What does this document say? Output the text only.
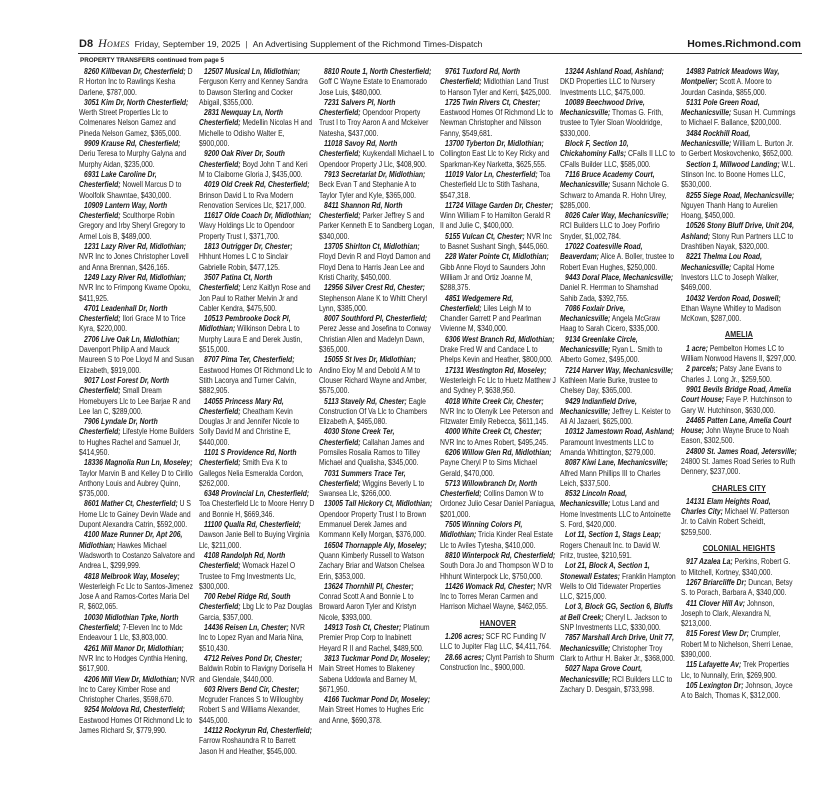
D8 Homes Friday, September 19, 2025 | An Advertising Supplement of the Richmond Times-Dispatch	Homes.Richmond.com
PROPERTY TRANSFERS continued from page 5

8260 Killbevan Dr, Chesterfield; D R Horton Inc to Rawlings Kesha Darlene, $787,000.

3051 Kim Dr, North Chesterfield; Werth Street Properties Llc to Colmenares Nelson Gamez and Pineda Nelson Gamez, $365,000.

9909 Krause Rd, Chesterfield; Deriu Teresa to Murphy Galyna and Murphy Aidan, $235,000.

6931 Lake Caroline Dr, Chesterfield; Nowell Marcus D to Woolfolk Shawntae, $430,000.

10909 Lantern Way, North Chesterfield; Sculthorpe Robin Gregory and Irby Sheryl Gregory to Armel Lois B, $489,000.

1231 Lazy River Rd, Midlothian; NVR Inc to Jones Christopher Lovell and Anna Brennan, $426,165.

1249 Lazy River Rd, Midlothian; NVR Inc to Frimpong Kwame Opoku, $411,925.

4701 Leadenhall Dr, North Chesterfield; Ilori Grace M to Trice Kyra, $220,000.

2706 Live Oak Ln, Midlothian; Davenport Philip A and Mauck Maureen S to Poe Lloyd M and Susan Elizabeth, $919,000.

9017 Lost Forest Dr, North Chesterfield; Small Dream Homebuyers Llc to Lee Barjae R and Lee Ian C, $289,000.

7906 Lyndale Dr, North Chesterfield; Lifestyle Home Builders to Hughes Rachel and Samuel Jr, $414,950.

18336 Magnolia Run Ln, Moseley; Taylor Marvin B and Kelley D to Cirillo Anthony Louis and Aubrey Quinn, $735,000.

8601 Mather Ct, Chesterfield; U S Home Llc to Gainey Devin Wade and Dupont Alexandra Catrin, $592,000.

4100 Maze Runner Dr, Apt 206, Midlothian; Hawkes Michael Wadsworth to Costanzo Salvatore and Andrea L, $299,999.

4818 Melbrook Way, Moseley; Westerleigh Fc Llc to Santos-Jimenez Jose A and Ramos-Cortes Maria Del R, $602,065.

10030 Midlothian Tpke, North Chesterfield; 7-Eleven Inc to Mdc Endeavour 1 Llc, $3,803,000.

4261 Mill Manor Dr, Midlothian; NVR Inc to Hodges Cynthia Hening, $617,900.

4206 Mill View Dr, Midlothian; NVR Inc to Carey Kimber Rose and Christopher Charles, $598,670.

9254 Moldova Rd, Chesterfield; Eastwood Homes Of Richmond Llc to James Richard Sr, $779,990.

12507 Musical Ln, Midlothian; Ferguson Kerry and Kenney Sandra to Dawson Sterling and Cocker Abigail, $355,000.

2831 Newquay Ln, North Chesterfield; Medellin Nicolas H and Michelle to Odisho Walter E, $900,000.

9200 Oak River Dr, South Chesterfield; Boyd John T and Keri M to Claiborne Gloria J, $435,000.

4019 Old Creek Rd, Chesterfield; Brinson David L to Rva Modern Renovation Services Llc, $217,000.

11617 Olde Coach Dr, Midlothian; Wavy Holdings Llc to Opendoor Property Trust I, $371,700.

1813 Outrigger Dr, Chester; Hhhunt Homes L C to Sinclair Gabrielle Robin, $477,125.

3507 Patina Ct, North Chesterfield; Lenz Kaitlyn Rose and Jon Paul to Rather Melvin Jr and Cabler Kendra, $475,500.

10513 Pembrooke Dock Pl, Midlothian; Wilkinson Debra L to Murphy Laura E and Derek Justin, $515,000.

8707 Pima Ter, Chesterfield; Eastwood Homes Of Richmond Llc to Stith Lacorya and Turner Calvin, $882,905.

14055 Princess Mary Rd, Chesterfield; Cheatham Kevin Douglas Jr and Jennifer Nicole to Solly David M and Christine E, $440,000.

1101 S Providence Rd, North Chesterfield; Smith Eva K to Gallegos Nelia Esmeralda Cordon, $262,000.

6348 Provincial Ln, Chesterfield; Toa Chesterfield Llc to Moore Henry D and Bonnie H, $669,346.

11100 Qualla Rd, Chesterfield; Dawson Janie Bell to Buying Virginia Llc, $211,000.

4108 Randolph Rd, North Chesterfield; Womack Hazel O Trustee to Fmg Investments Llc, $300,000.

700 Rebel Ridge Rd, South Chesterfield; Lbg Llc to Paz Douglas Garcia, $357,000.

14436 Reisen Ln, Chester; NVR Inc to Lopez Ryan and Maria Nina, $510,430.

4712 Reives Pond Dr, Chester; Baldwin Robin to Flavigny Dorisella H and Glendale, $440,000.

603 Rivers Bend Cir, Chester; Mcgruder Frances S to Willoughby Robert S and Williams Alexander, $445,000.

14112 Rockyrun Rd, Chesterfield; Farrow Roshaundra R to Barrett Jason H and Heather, $545,000.

8810 Route 1, North Chesterfield; Goff C Wayne Estate to Enamorado Jose Luis, $480,000.

7231 Salvers Pl, North Chesterfield; Opendoor Property Trust I to Troy Aaron A and Mckeiver Natesha, $437,000.

11018 Savoy Rd, North Chesterfield; Kuykendall Michael L to Opendoor Property J Llc, $408,900.

7913 Secretariat Dr, Midlothian; Beck Evan T and Stephanie A to Taylor Tyler and Kyle, $365,000.

8411 Shannon Rd, North Chesterfield; Parker Jeffrey S and Parker Kenneth E to Sandberg Logan, $340,000.

13705 Shirlton Ct, Midlothian; Floyd Devin R and Floyd Damon and Floyd Dena to Harris Jean Lee and Kristi Charity, $450,000.

12956 Silver Crest Rd, Chester; Stephenson Alane K to Whitt Cheryl Lynn, $385,000.

8007 Southford Pl, Chesterfield; Perez Jesse and Josefina to Conway Christian Allen and Madelyn Dawn, $365,000.

15055 St Ives Dr, Midlothian; Andino Eloy M and Debold A M to Clouser Richard Wayne and Amber, $575,000.

5113 Stavely Rd, Chester; Eagle Construction Of Va Llc to Chambers Elizabeth A, $465,080.

4030 Stone Creek Ter, Chesterfield; Callahan James and Pornsiles Rosalia Ramos to Tilley Michael and Qualisha, $345,000.

7031 Summers Trace Ter, Chesterfield; Wiggins Beverly L to Swansea Llc, $266,000.

13005 Tall Hickory Ct, Midlothian; Opendoor Property Trust I to Brown Emmanuel Derek James and Kornmann Kelly Morgan, $376,000.

16504 Thornapple Aly, Moseley; Quann Kimberly Russell to Watson Zachary Briar and Watson Chelsea Erin, $353,000.

13624 Thornhill Pl, Chester; Conrad Scott A and Bonnie L to Broward Aaron Tyler and Kristyn Nicole, $393,000.

14913 Tosh Ct, Chester; Platinum Premier Prop Corp to Inabinett Heyard R II and Rachel, $489,500.

3813 Tuckmar Pond Dr, Moseley; Main Street Homes to Blakeney Sabena Uddowla and Barney M, $671,950.

4166 Tuckmar Pond Dr, Moseley; Main Street Homes to Hughes Eric and Anne, $690,378.

9761 Tuxford Rd, North Chesterfield; Midlothian Land Trust to Hanson Tyler and Kerri, $425,000.

1725 Twin Rivers Ct, Chester; Eastwood Homes Of Richmond Llc to Newman Christopher and Nilsson Fanny, $549,681.

13700 Tyberton Dr, Midlothian; Collington East Llc to Key Ricky and Sparkman-Key Narketta, $625,555.

11019 Valor Ln, Chesterfield; Toa Chesterfield Llc to Stith Tashana, $547,318.

11724 Village Garden Dr, Chester; Winn William F to Hamilton Gerald R II and Julie C, $400,000.

5155 Vulcan Ct, Chester; NVR Inc to Basnet Sushant Singh, $445,060.

228 Water Pointe Ct, Midlothian; Gibb Anne Floyd to Saunders John William Jr and Ortiz Joanne M, $288,375.

4851 Wedgemere Rd, Chesterfield; Liles Leigh M to Chandler Garrett P and Pearlman Vivienne M, $340,000.

6306 West Branch Rd, Midlothian; Drake Fred W and Candace L to Phelps Kevin and Heather, $800,000.

17131 Westington Rd, Moseley; Westerleigh Fc Llc to Huetz Matthew J and Sydney P, $638,950.

4018 White Creek Cir, Chester; NVR Inc to Olenyik Lee Peterson and Fitzwater Emily Rebecca, $611,145.

4000 White Creek Ct, Chester; NVR Inc to Ames Robert, $495,245.

6206 Willow Glen Rd, Midlothian; Payne Cheryl P to Sims Michael Gerald, $470,000.

5713 Willowbranch Dr, North Chesterfield; Collins Damon W to Ordonez Julio Cesar Daniel Paniagua, $201,000.

7505 Winning Colors Pl, Midlothian; Tricia Kinder Real Estate Llc to Aviles Tytesha, $410,000.

8810 Winterpock Rd, Chesterfield; South Dora Jo and Thompson W D to Hhhunt Winterpock Llc, $750,000.

11426 Womack Rd, Chester; NVR Inc to Torres Meran Carmen and Harrison Michael Wayne, $462,055.

HANOVER

1.206 acres; SCF RC Funding IV LLC to Jupiter Flag LLC, $4,411,764.

28.66 acres; Clynt Parrish to Shurm Construction Inc., $900,000.

13244 Ashland Road, Ashland; DKD Properties LLC to Nursery Investments LLC, $475,000.

10089 Beechwood Drive, Mechanicsville; Thomas G. Frith, trustee to Tyler Sloan Wooldridge, $330,000.

Block F, Section 10, Chickahominy Falls; CFalls II LLC to CFalls Builder LLC, $585,000.

7116 Bruce Academy Court, Mechanicsville; Susann Nichole G. Schwarz to Amanda R. Hohn Ulrey, $285,000.

8026 Caler Way, Mechanicsville; RCI Builders LLC to Joey Porfirio Snyder, $1,002,784.

17022 Coatesville Road, Beaverdam; Alice A. Boller, trustee to Robert Evan Hughes, $250,000.

9443 Doral Place, Mechanicsville; Daniel R. Herrman to Shamshad Sahib Zada, $392,755.

7086 Foxlair Drive, Mechanicsville; Angela McGraw Haag to Sarah Cicero, $335,000.

9134 Greenlake Circle, Mechanicsville; Ryan L. Smith to Alberto Gomez, $495,000.

7214 Harver Way, Mechanicsville; Kathleen Marie Burke, trustee to Chelsey Day, $365,000.

9429 Indianfield Drive, Mechanicsville; Jeffrey L. Keister to Ali Al Jazaeri, $625,000.

10312 Jamestown Road, Ashland; Paramount Investments LLC to Amanda Whittington, $279,000.

8087 Kiwi Lane, Mechanicsville; Alfred Mann Phillips III to Charles Leich, $337,500.

8532 Lincoln Road, Mechanicsville; Lotus Land and Home Investments LLC to Antoinette S. Ford, $420,000.

Lot 11, Section 1, Stags Leap; Rogers Chenault Inc. to David W. Fritz, trustee, $210,591.

Lot 21, Block A, Section 1, Stonewall Estates; Franklin Hampton Wells to Old Tidewater Properties LLC, $215,000.

Lot 3, Block GG, Section 6, Bluffs at Bell Creek; Cheryl L. Jackson to SNP Investments LLC, $330,000.

7857 Marshall Arch Drive, Unit 77, Mechanicsville; Christopher Troy Clark to Arthur H. Baker Jr., $368,000.

5027 Napa Grove Court, Mechanicsville; RCI Builders LLC to Zachary D. Desgain, $733,998.

14983 Patrick Meadows Way, Montpelier; Scott A. Moore to Jourdan Casinda, $855,000.

5131 Pole Green Road, Mechanicsville; Susan H. Cummings to Michael F. Ballance, $200,000.

3484 Rockhill Road, Mechanicsville; William L. Burton Jr. to Gerbert Moskovchenko, $652,000.

Section 1, Millwood Landing; W.L. Stinson Inc. to Boone Homes LLC, $530,000.

8255 Siege Road, Mechanicsville; Nguyen Thanh Hang to Aurelien Hoang, $450,000.

10526 Stony Bluff Drive, Unit 204, Ashland; Stony Run Partners LLC to Drashtiben Nayak, $320,000.

8221 Thelma Lou Road, Mechanicsville; Capital Home Investors LLC to Joseph Walker, $469,000.

10432 Verdon Road, Doswell; Ethan Wayne Whitley to Madison McKown, $287,000.

AMELIA

1 acre; Pembelton Homes LC to William Norwood Havens II, $297,000.

2 parcels; Patsy Jane Evans to Charles J. Long Jr., $259,500.

9901 Bevils Bridge Road, Amelia Court House; Faye P. Hutchinson to Gary W. Hutchinson, $630,000.

24465 Patten Lane, Amelia Court House; John Wayne Bruce to Noah Eason, $302,500.

24800 St. James Road, Jetersville; 24800 St. James Road Series to Ruth Dennery, $237,000.

CHARLES CITY

14131 Elam Heights Road, Charles City; Michael W. Patterson Jr. to Calvin Robert Scheidt, $259,500.

COLONIAL HEIGHTS

917 Azalea La; Perkins, Robert G. to Mitchell, Kortney, $340,000.

1267 Briarcliffe Dr; Duncan, Betsy S. to Porach, Barbara A, $340,000.

411 Clover Hill Av; Johnson, Joseph to Clark, Alexandra N, $213,000.

815 Forest View Dr; Crumpler, Robert M to Nichelson, Sherri Lenae, $390,000.

115 Lafayette Av; Trek Properties Llc, to Nunnally, Erin, $269,900.

105 Lexington Dr; Johnson, Joyce A to Balch, Thomas K, $312,000.
